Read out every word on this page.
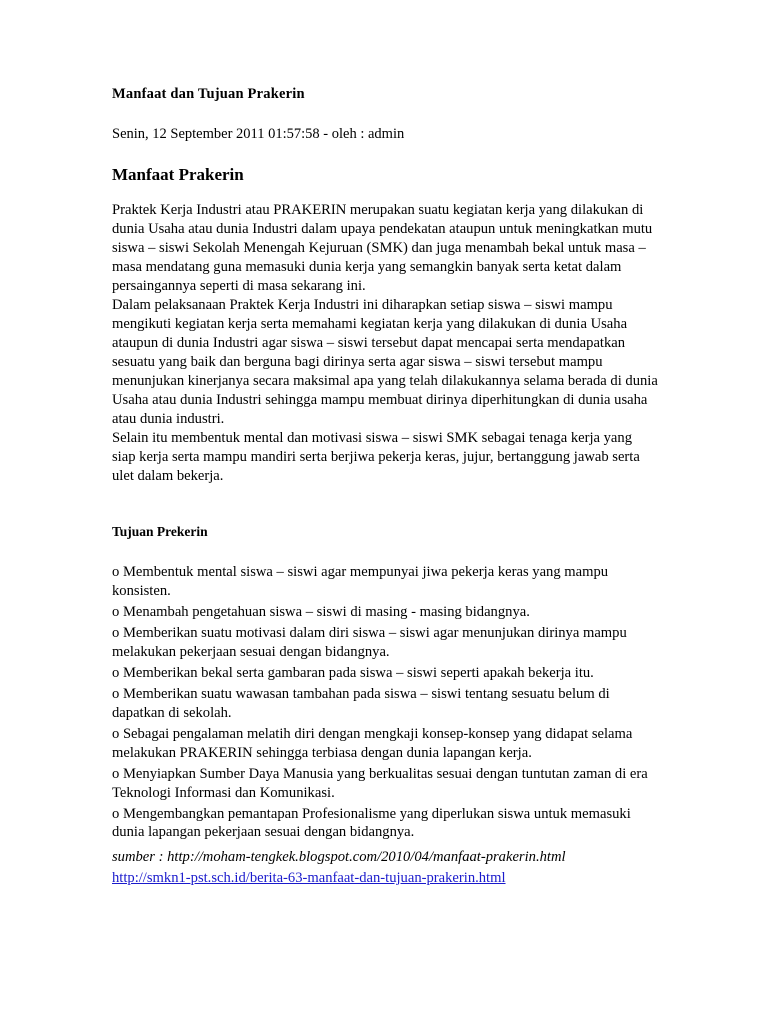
Manfaat dan Tujuan Prakerin
Senin, 12 September 2011 01:57:58 - oleh : admin
Manfaat Prakerin

Praktek Kerja Industri atau PRAKERIN merupakan suatu kegiatan kerja yang dilakukan di dunia Usaha atau dunia Industri dalam upaya pendekatan ataupun untuk meningkatkan mutu siswa – siswi Sekolah Menengah Kejuruan (SMK) dan juga menambah bekal untuk masa – masa mendatang guna memasuki dunia kerja yang semangkin banyak serta ketat dalam persaingannya seperti di masa sekarang ini.

Dalam pelaksanaan Praktek Kerja Industri ini diharapkan setiap siswa – siswi mampu mengikuti kegiatan kerja serta memahami kegiatan kerja yang dilakukan di dunia Usaha ataupun di dunia Industri agar siswa – siswi tersebut dapat mencapai serta mendapatkan sesuatu yang baik dan berguna bagi dirinya serta agar siswa – siswi tersebut mampu menunjukan kinerjanya secara maksimal apa yang telah dilakukannya selama berada di dunia Usaha atau dunia Industri sehingga mampu membuat dirinya diperhitungkan di dunia usaha atau dunia industri.

Selain itu membentuk mental dan motivasi siswa – siswi SMK sebagai tenaga kerja yang siap kerja serta mampu mandiri serta berjiwa pekerja keras, jujur, bertanggung jawab serta ulet dalam bekerja.

Tujuan Prekerin
o Membentuk mental siswa – siswi agar mempunyai jiwa pekerja keras yang mampu konsisten.
o Menambah pengetahuan siswa – siswi di masing - masing bidangnya.
o Memberikan suatu motivasi dalam diri siswa – siswi agar menunjukan dirinya mampu melakukan pekerjaan sesuai dengan bidangnya.
o Memberikan bekal serta gambaran pada siswa – siswi seperti apakah bekerja itu.
o Memberikan suatu wawasan tambahan pada siswa – siswi tentang sesuatu belum di dapatkan di sekolah.
o Sebagai pengalaman melatih diri dengan mengkaji konsep-konsep yang didapat selama melakukan PRAKERIN sehingga terbiasa dengan dunia lapangan kerja.
o Menyiapkan Sumber Daya Manusia yang berkualitas sesuai dengan tuntutan zaman di era Teknologi Informasi dan Komunikasi.
o Mengembangkan pemantapan Profesionalisme yang diperlukan siswa untuk memasuki dunia lapangan pekerjaan sesuai dengan bidangnya.
sumber : http://moham-tengkek.blogspot.com/2010/04/manfaat-prakerin.html
http://smkn1-pst.sch.id/berita-63-manfaat-dan-tujuan-prakerin.html
